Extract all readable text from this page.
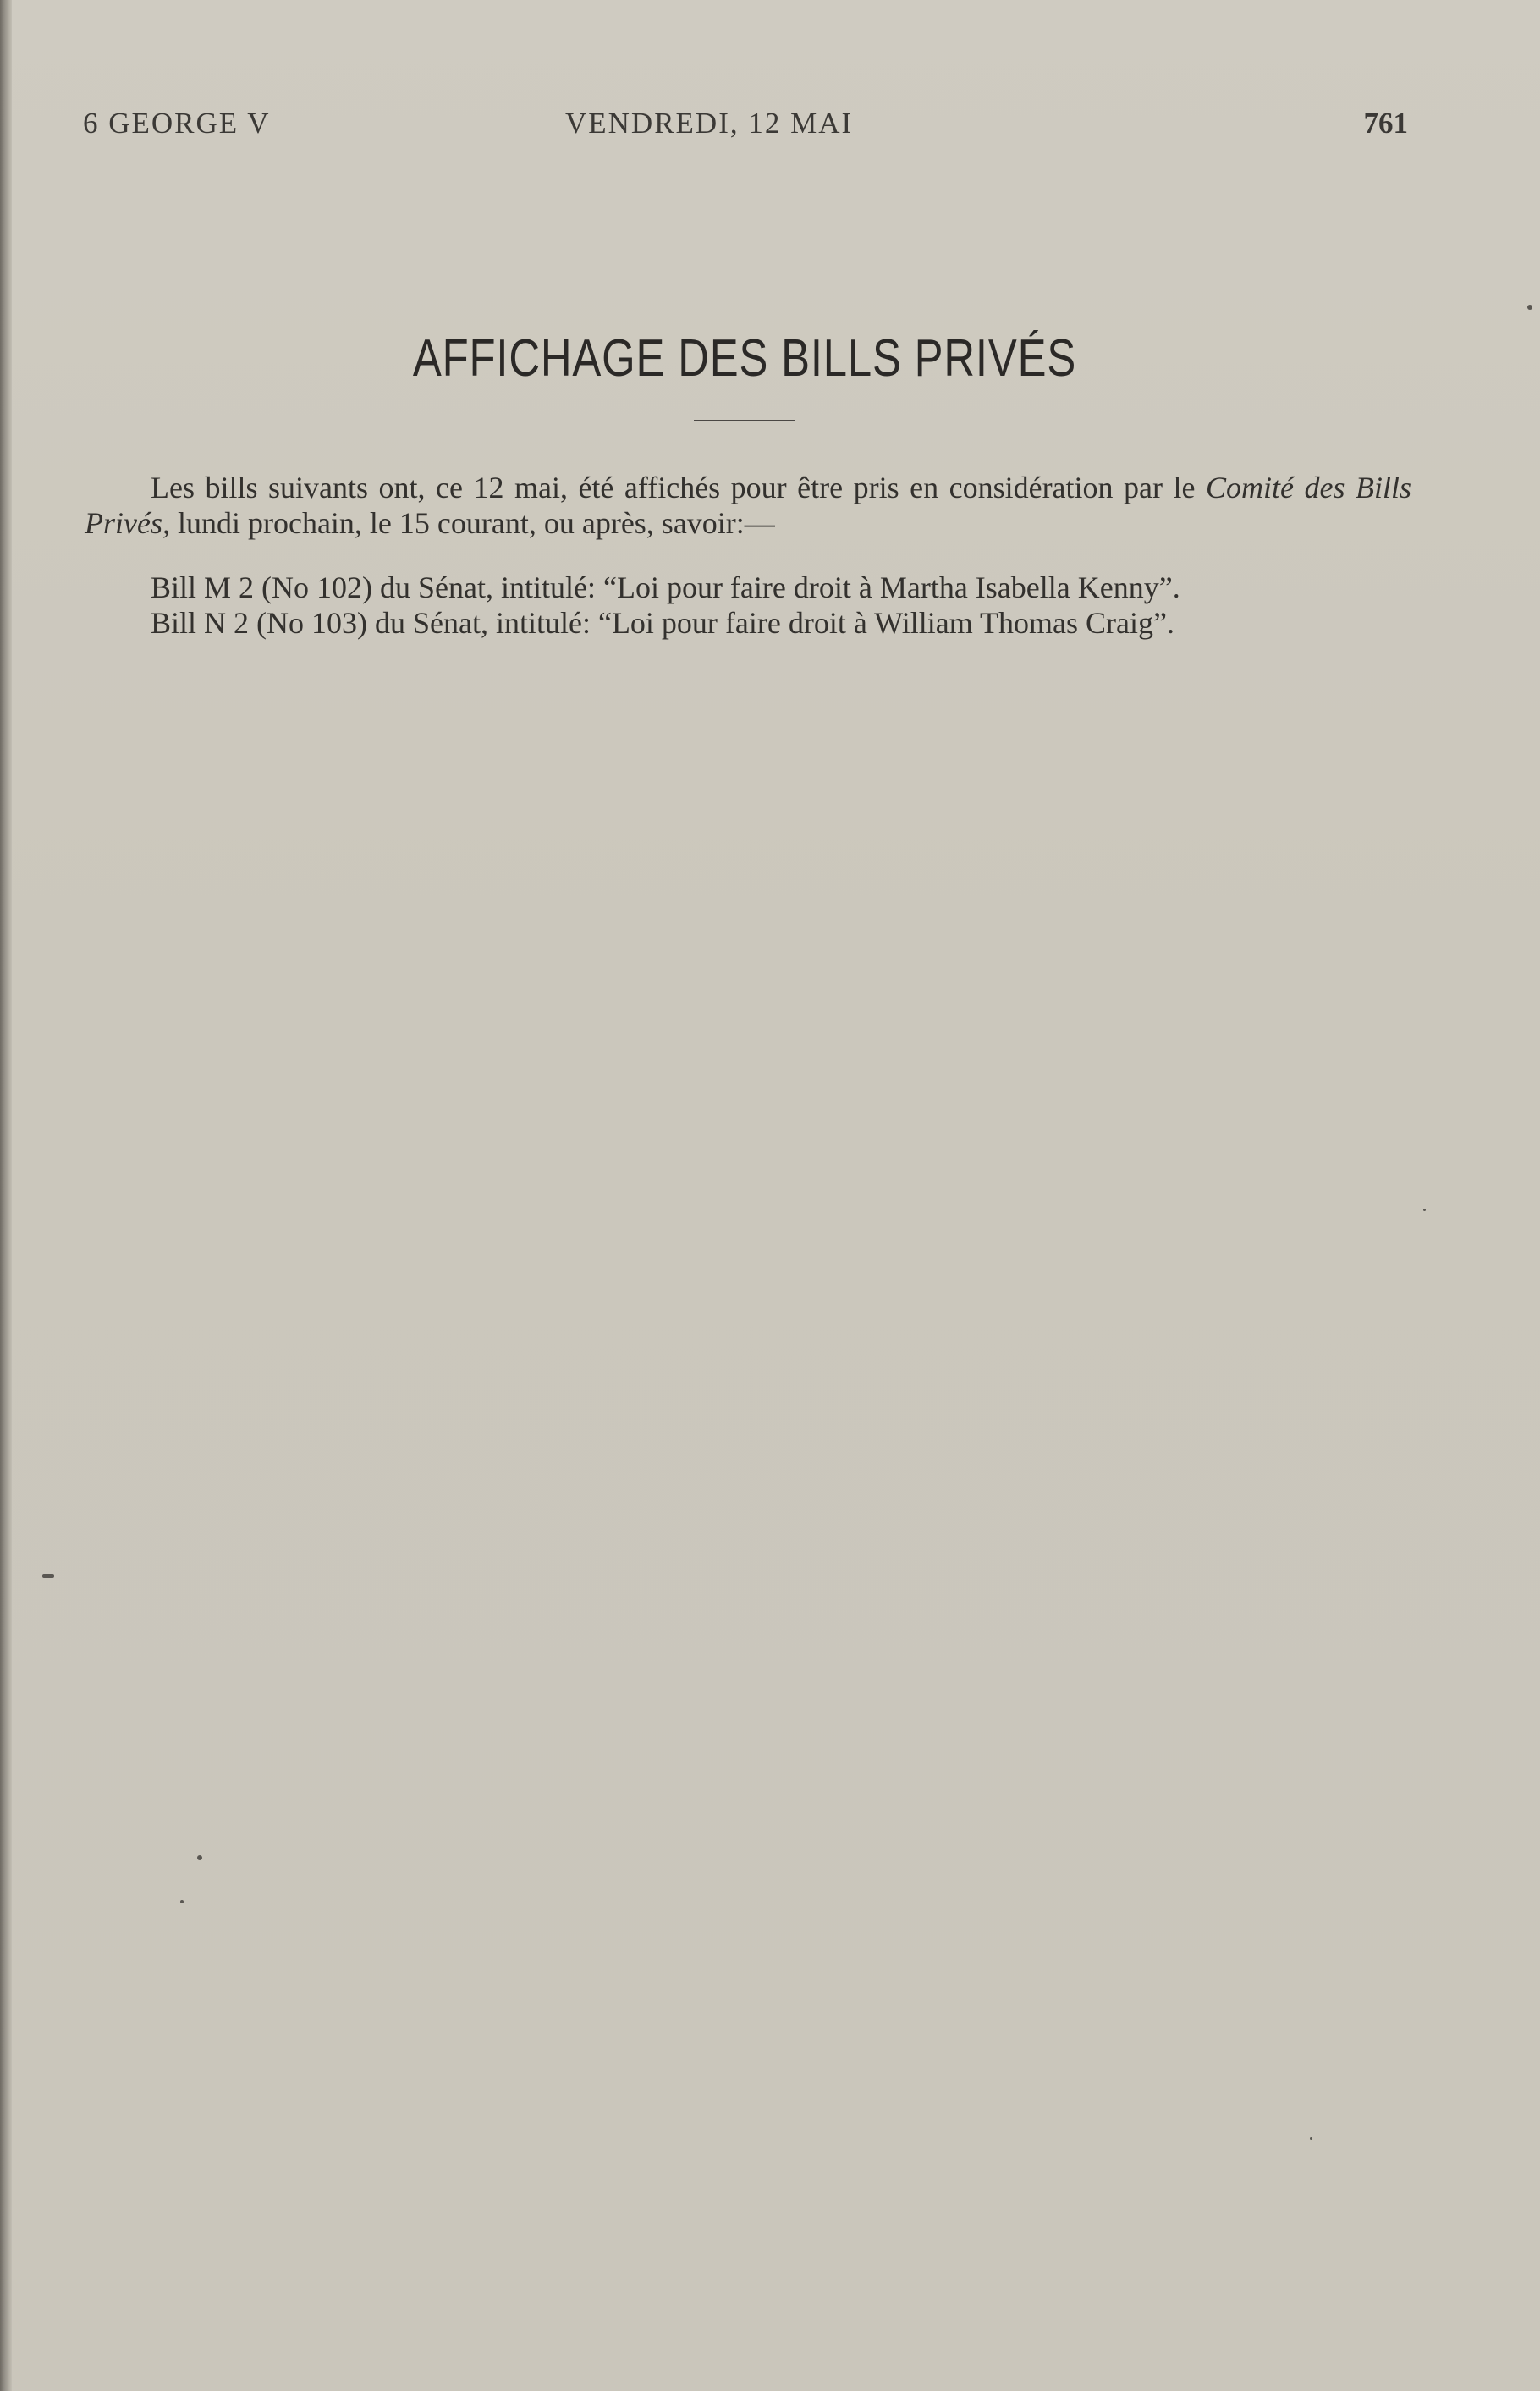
6 GEORGE V	VENDREDI, 12 MAI	761
AFFICHAGE DES BILLS PRIVÉS

Les bills suivants ont, ce 12 mai, été affichés pour être pris en considération par le Comité des Bills Privés, lundi prochain, le 15 courant, ou après, savoir:—

Bill M 2 (No 102) du Sénat, intitulé: “Loi pour faire droit à Martha Isabella Kenny”.

Bill N 2 (No 103) du Sénat, intitulé: “Loi pour faire droit à William Thomas Craig”.
